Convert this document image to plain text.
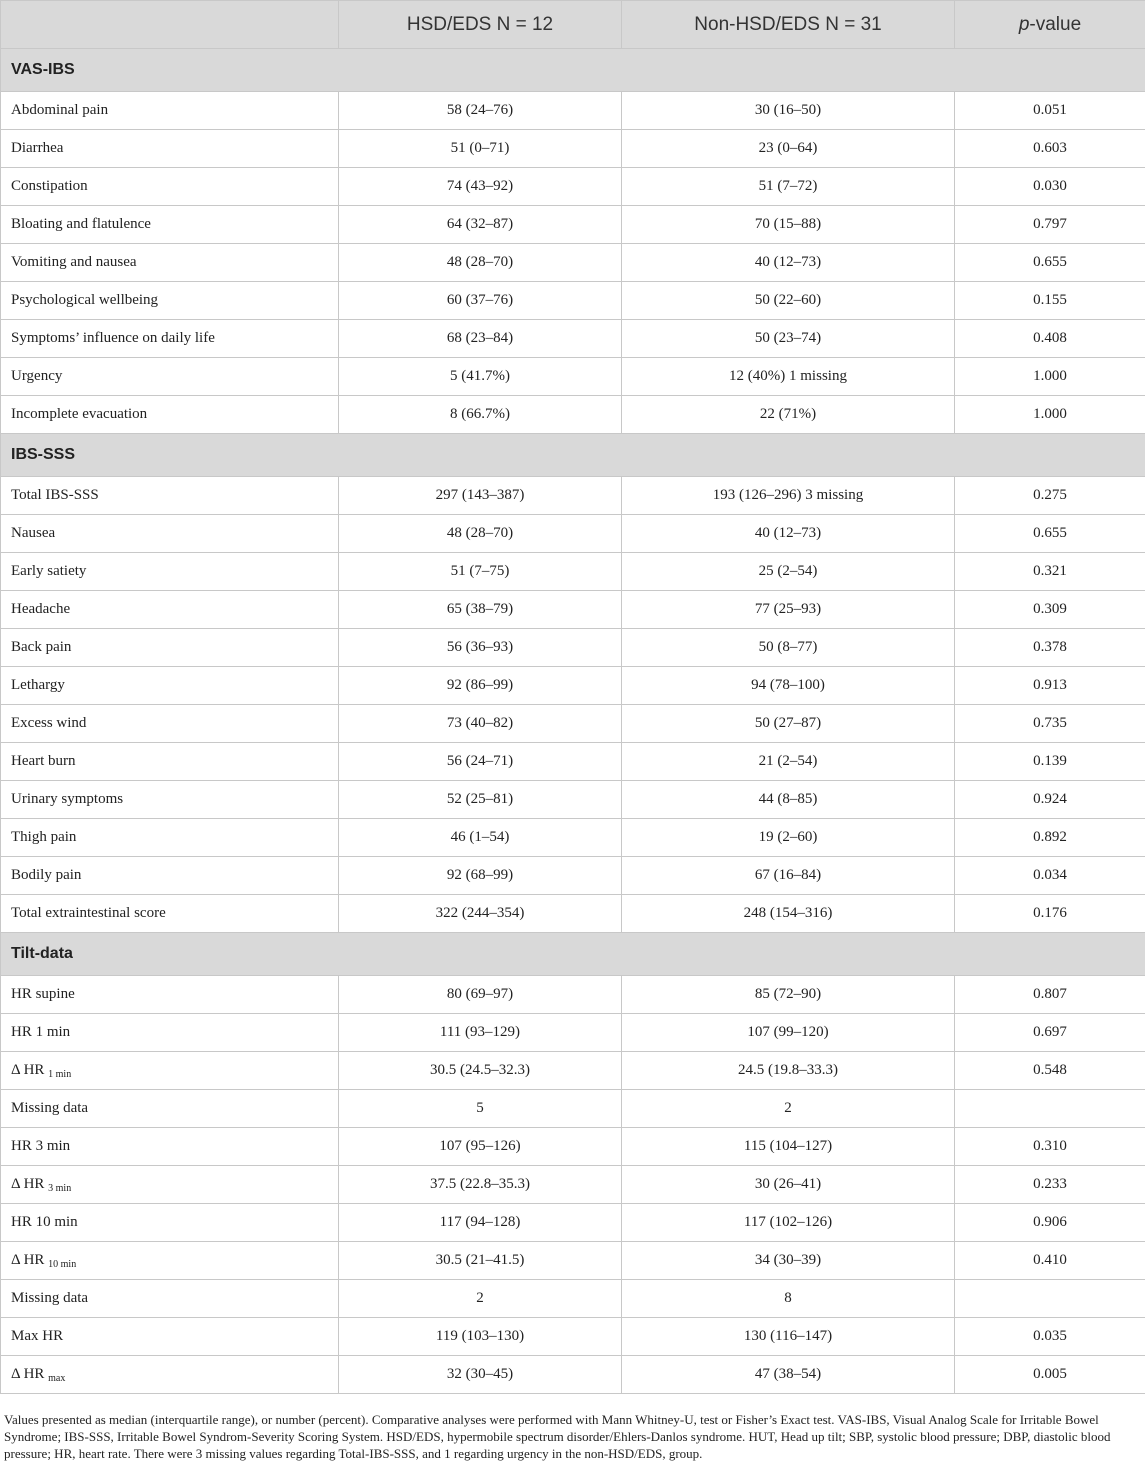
	HSD/EDS N = 12	Non-HSD/EDS N = 31	p-value
VAS-IBS			
Abdominal pain	58 (24–76)	30 (16–50)	0.051
Diarrhea	51 (0–71)	23 (0–64)	0.603
Constipation	74 (43–92)	51 (7–72)	0.030
Bloating and flatulence	64 (32–87)	70 (15–88)	0.797
Vomiting and nausea	48 (28–70)	40 (12–73)	0.655
Psychological wellbeing	60 (37–76)	50 (22–60)	0.155
Symptoms’ influence on daily life	68 (23–84)	50 (23–74)	0.408
Urgency	5 (41.7%)	12 (40%) 1 missing	1.000
Incomplete evacuation	8 (66.7%)	22 (71%)	1.000
IBS-SSS			
Total IBS-SSS	297 (143–387)	193 (126–296) 3 missing	0.275
Nausea	48 (28–70)	40 (12–73)	0.655
Early satiety	51 (7–75)	25 (2–54)	0.321
Headache	65 (38–79)	77 (25–93)	0.309
Back pain	56 (36–93)	50 (8–77)	0.378
Lethargy	92 (86–99)	94 (78–100)	0.913
Excess wind	73 (40–82)	50 (27–87)	0.735
Heart burn	56 (24–71)	21 (2–54)	0.139
Urinary symptoms	52 (25–81)	44 (8–85)	0.924
Thigh pain	46 (1–54)	19 (2–60)	0.892
Bodily pain	92 (68–99)	67 (16–84)	0.034
Total extraintestinal score	322 (244–354)	248 (154–316)	0.176
Tilt-data			
HR supine	80 (69–97)	85 (72–90)	0.807
HR 1 min	111 (93–129)	107 (99–120)	0.697
Δ HR $_{1 min}$	30.5 (24.5–32.3)	24.5 (19.8–33.3)	0.548
Missing data	5	2	
HR 3 min	107 (95–126)	115 (104–127)	0.310
Δ HR $_{3 min}$	37.5 (22.8–35.3)	30 (26–41)	0.233
HR 10 min	117 (94–128)	117 (102–126)	0.906
Δ HR $_{10 min}$	30.5 (21–41.5)	34 (30–39)	0.410
Missing data	2	8	
Max HR	119 (103–130)	130 (116–147)	0.035
Δ HR $_{max}$	32 (30–45)	47 (38–54)	0.005
Values presented as median (interquartile range), or number (percent). Comparative analyses were performed with Mann Whitney-U, test or Fisher’s Exact test. VAS-IBS, Visual Analog Scale for Irritable Bowel Syndrome; IBS-SSS, Irritable Bowel Syndrom-Severity Scoring System. HSD/EDS, hypermobile spectrum disorder/Ehlers-Danlos syndrome. HUT, Head up tilt; SBP, systolic blood pressure; DBP, diastolic blood pressure; HR, heart rate. There were 3 missing values regarding Total-IBS-SSS, and 1 regarding urgency in the non-HSD/EDS, group.
